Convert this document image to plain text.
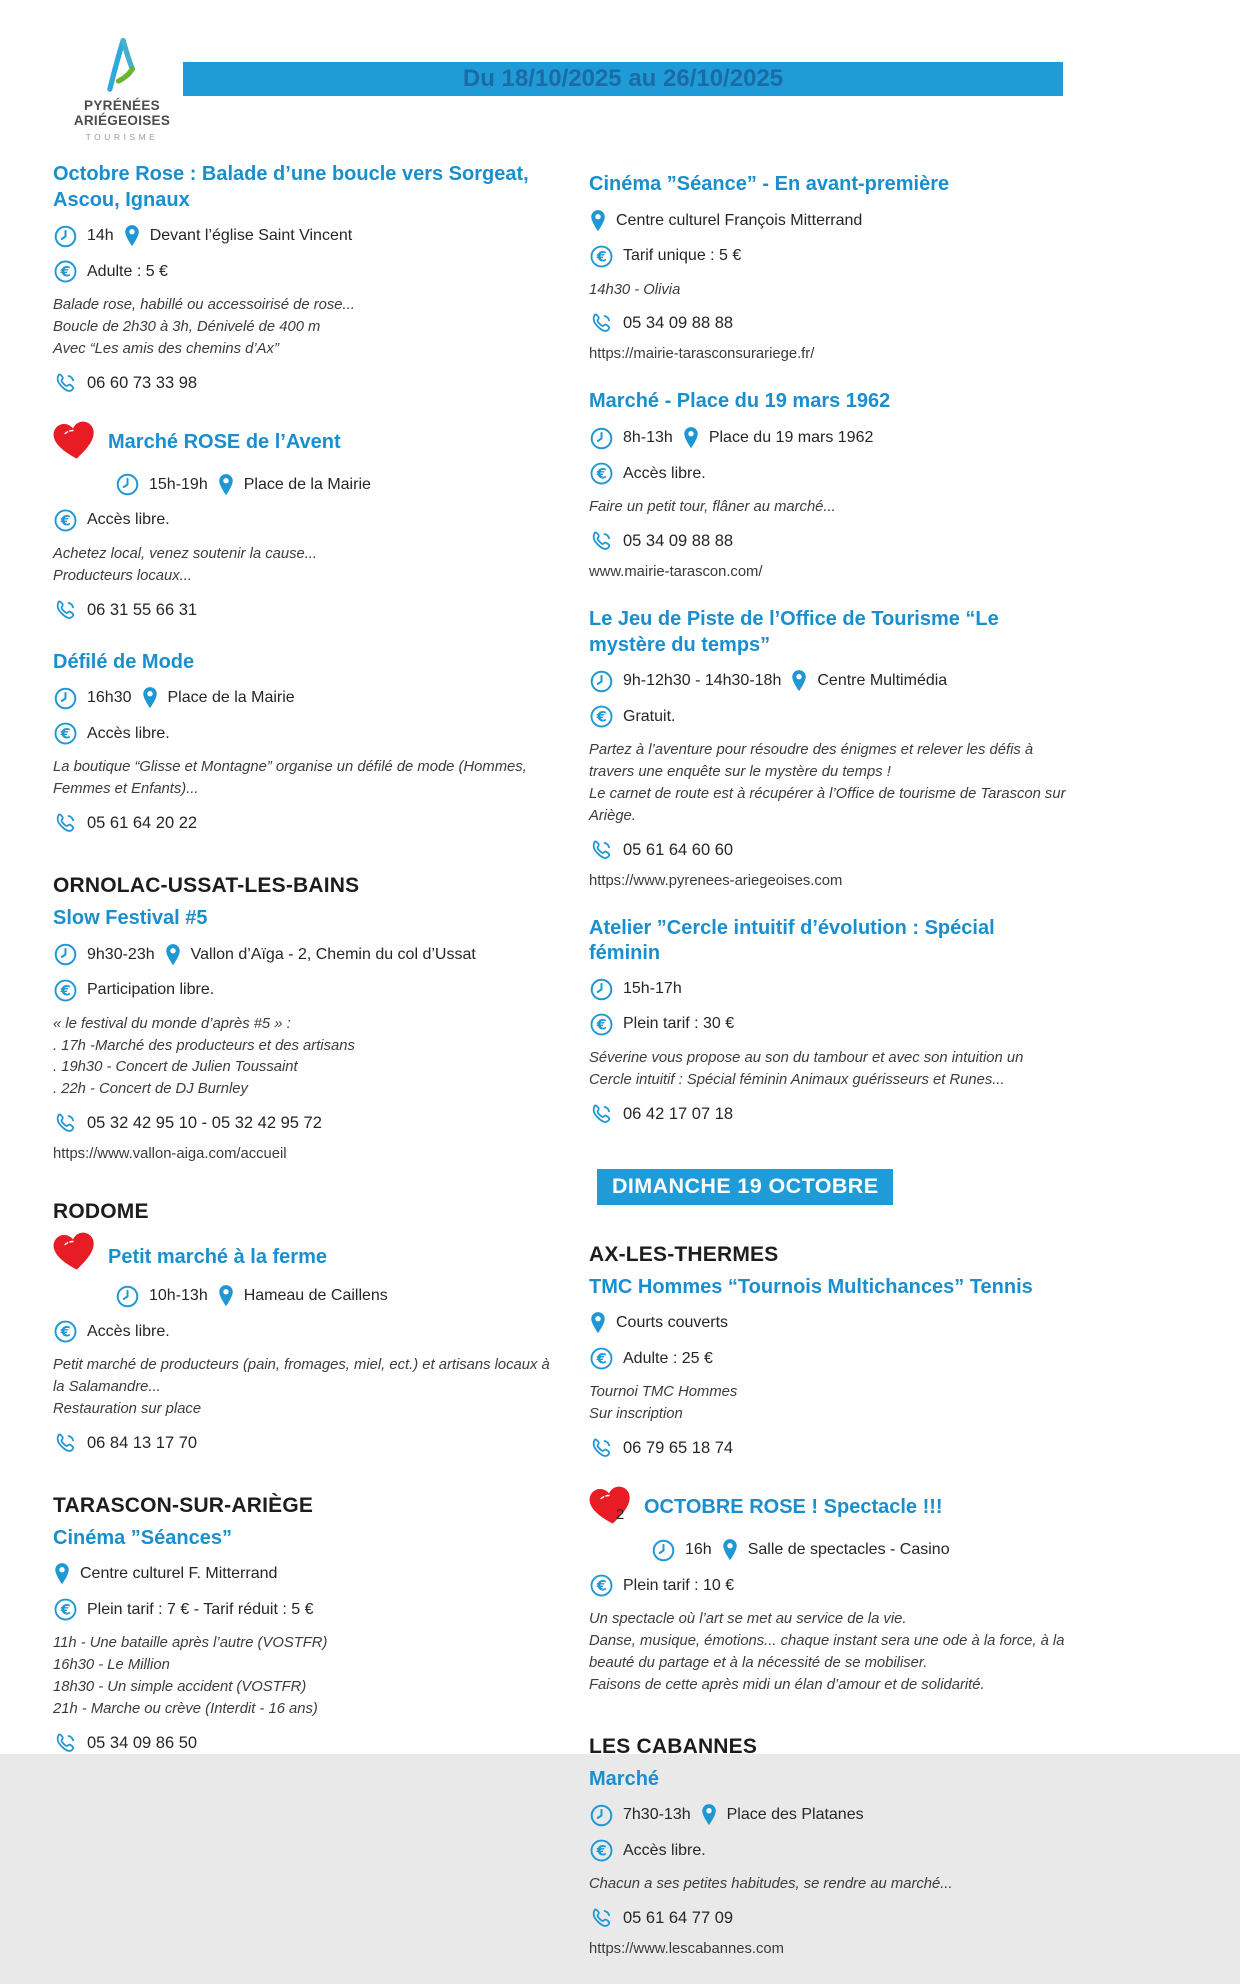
PYRÉNÉES
ARIÉGEOISES
TOURISME
Du 18/10/2025 au 26/10/2025
Octobre Rose : Balade d’une boucle vers Sorgeat, Ascou, Ignaux
14h Devant l’église Saint Vincent
€ Adulte : 5 €
Balade rose, habillé ou accessoirisé de rose...
Boucle de 2h30 à 3h, Dénivelé de 400 m
Avec “Les amis des chemins d’Ax”
06 60 73 33 98
Marché ROSE de l’Avent
15h-19h Place de la Mairie
€ Accès libre.
Achetez local, venez soutenir la cause...
Producteurs locaux...
06 31 55 66 31
Défilé de Mode
16h30 Place de la Mairie
€ Accès libre.
La boutique “Glisse et Montagne” organise un défilé de mode (Hommes, Femmes et Enfants)...
05 61 64 20 22
ORNOLAC-USSAT-LES-BAINS
Slow Festival #5
9h30-23h Vallon d’Aïga - 2, Chemin du col d’Ussat
€ Participation libre.
« le festival du monde d’après #5 » :
. 17h -Marché des producteurs et des artisans
. 19h30 - Concert de Julien Toussaint
. 22h - Concert de DJ Burnley
05 32 42 95 10 - 05 32 42 95 72
https://www.vallon-aiga.com/accueil
RODOME
Petit marché à la ferme
10h-13h Hameau de Caillens
€ Accès libre.
Petit marché de producteurs (pain, fromages, miel, ect.) et artisans locaux à la Salamandre...
Restauration sur place
06 84 13 17 70
TARASCON-SUR-ARIÈGE
Cinéma ”Séances”
Centre culturel F. Mitterrand
€ Plein tarif : 7 € - Tarif réduit : 5 €
11h - Une bataille après l’autre (VOSTFR)
16h30 - Le Million
18h30 - Un simple accident (VOSTFR)
21h - Marche ou crève (Interdit - 16 ans)
05 34 09 86 50
Cinéma ”Séance” - En avant-première
Centre culturel François Mitterrand
€ Tarif unique : 5 €
14h30 - Olivia
05 34 09 88 88
https://mairie-tarasconsurariege.fr/
Marché - Place du 19 mars 1962
8h-13h Place du 19 mars 1962
€ Accès libre.
Faire un petit tour, flâner au marché...
05 34 09 88 88
www.mairie-tarascon.com/
Le Jeu de Piste de l’Office de Tourisme “Le mystère du temps”
9h-12h30 - 14h30-18h Centre Multimédia
€ Gratuit.
Partez à l’aventure pour résoudre des énigmes et relever les défis à travers une enquête sur le mystère du temps !
Le carnet de route est à récupérer à l’Office de tourisme de Tarascon sur Ariège.
05 61 64 60 60
https://www.pyrenees-ariegeoises.com
Atelier ”Cercle intuitif d’évolution : Spécial féminin
15h-17h
€ Plein tarif : 30 €
Séverine vous propose au son du tambour et avec son intuition un Cercle intuitif : Spécial féminin Animaux guérisseurs et Runes...
06 42 17 07 18
DIMANCHE 19 OCTOBRE
AX-LES-THERMES
TMC Hommes “Tournois Multichances” Tennis
Courts couverts
€ Adulte : 25 €
Tournoi TMC Hommes
Sur inscription
06 79 65 18 74
OCTOBRE ROSE ! Spectacle !!!
16h Salle de spectacles - Casino
€ Plein tarif : 10 €
Un spectacle où l’art se met au service de la vie.
Danse, musique, émotions... chaque instant sera une ode à la force, à la beauté du partage et à la nécessité de se mobiliser.
Faisons de cette après midi un élan d’amour et de solidarité.
LES CABANNES
Marché
7h30-13h Place des Platanes
€ Accès libre.
Chacun a ses petites habitudes, se rendre au marché...
05 61 64 77 09
https://www.lescabannes.com
2
